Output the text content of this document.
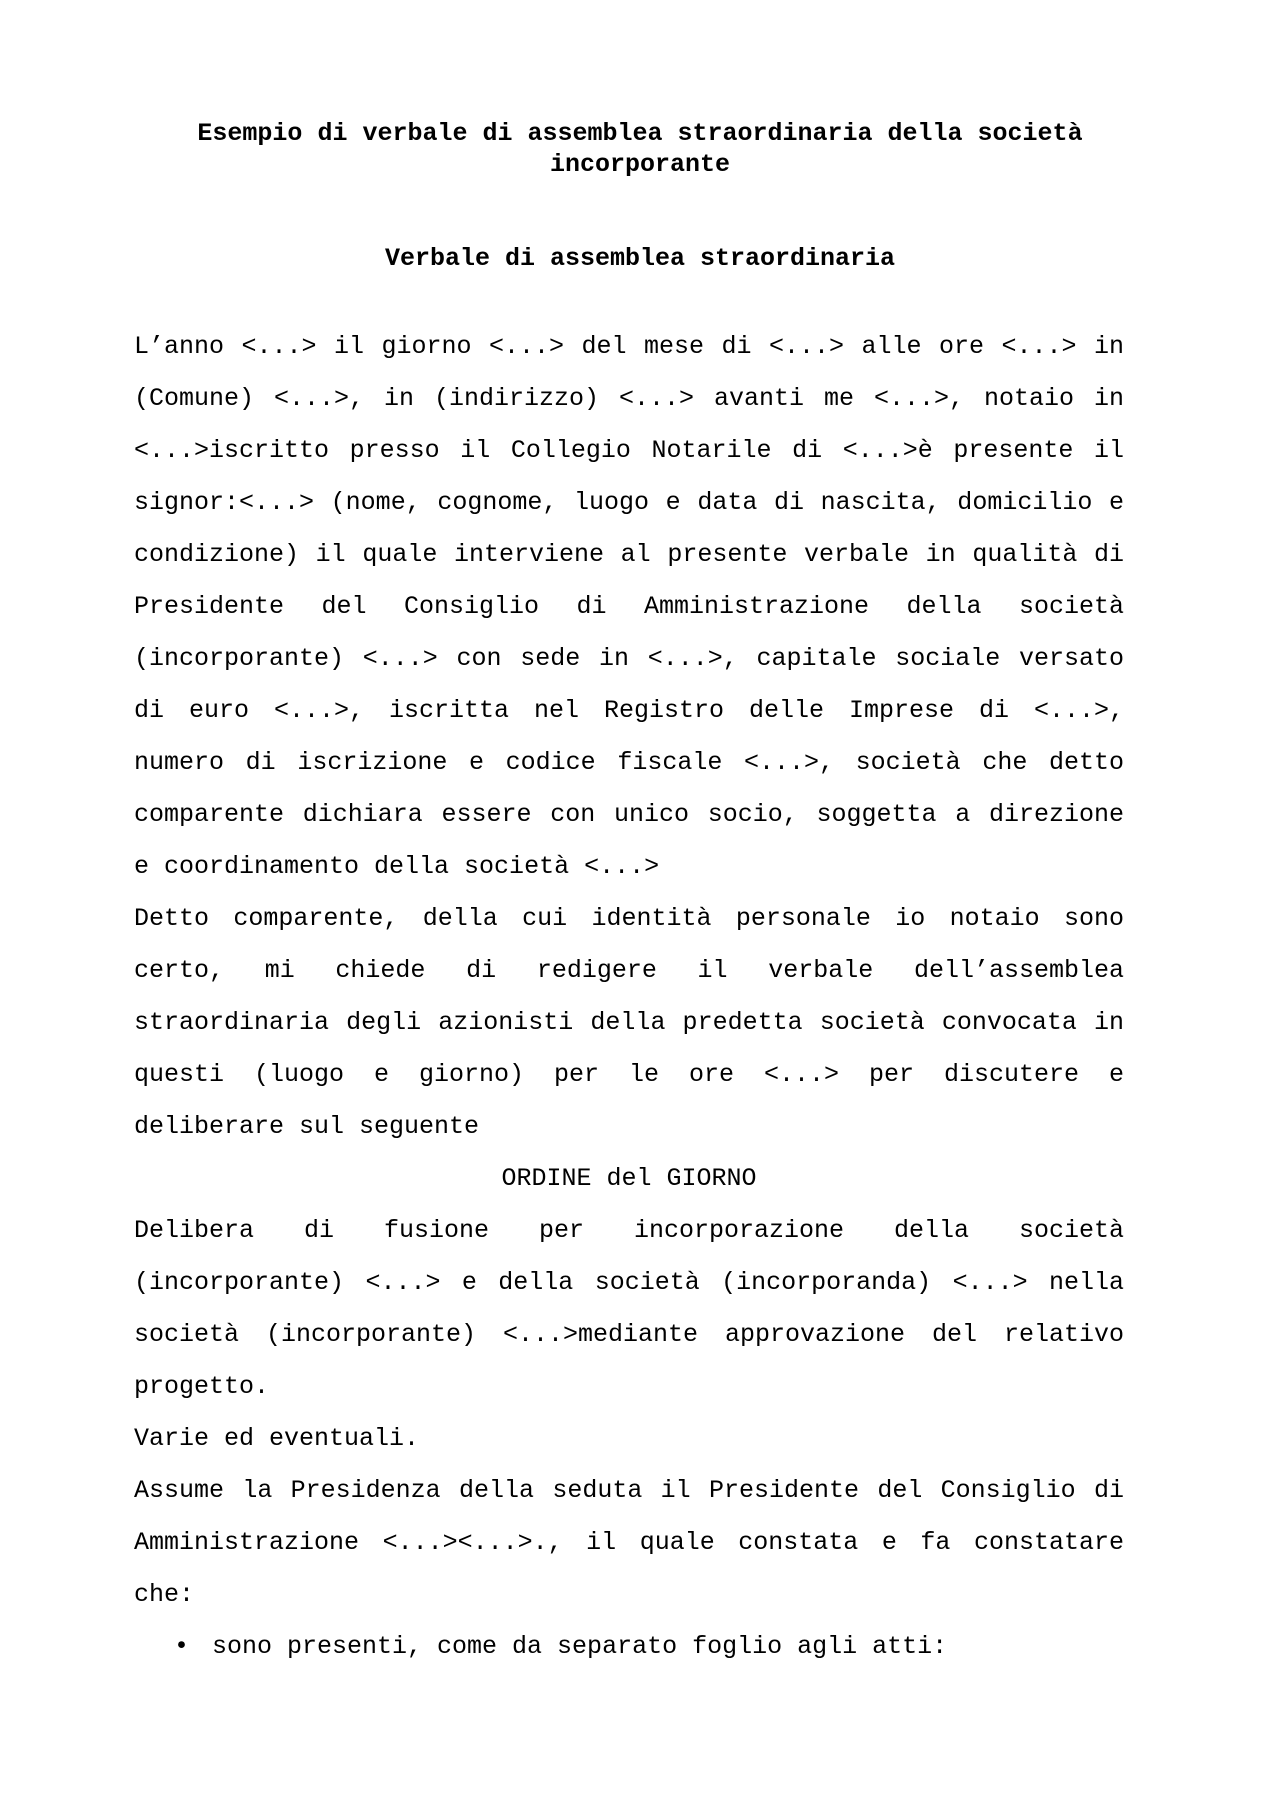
Esempio di verbale di assemblea straordinaria della società incorporante
Verbale di assemblea straordinaria

L’anno <...> il giorno <...> del mese di <...> alle ore <...> in (Comune) <...>, in (indirizzo) <...> avanti me <...>, notaio in <...>iscritto presso il Collegio Notarile di <...>è presente il signor:<...> (nome, cognome, luogo e data di nascita, domicilio e condizione) il quale interviene al presente verbale in qualità di Presidente del Consiglio di Amministrazione della società (incorporante) <...> con sede in <...>, capitale sociale versato di euro <...>, iscritta nel Registro delle Imprese di <...>, numero di iscrizione e codice fiscale <...>, società che detto comparente dichiara essere con unico socio, soggetta a direzione e coordinamento della società <...>

Detto comparente, della cui identità personale io notaio sono certo, mi chiede di redigere il verbale dell’assemblea straordinaria degli azionisti della predetta società convocata in questi (luogo e giorno) per le ore <...> per discutere e deliberare sul seguente

ORDINE del GIORNO

Delibera di fusione per incorporazione della società (incorporante) <...> e della società (incorporanda) <...> nella società (incorporante) <...>mediante approvazione del relativo progetto.

Varie ed eventuali.

Assume la Presidenza della seduta il Presidente del Consiglio di Amministrazione <...><...>., il quale constata e fa constatare che:

• sono presenti, come da separato foglio agli atti:
